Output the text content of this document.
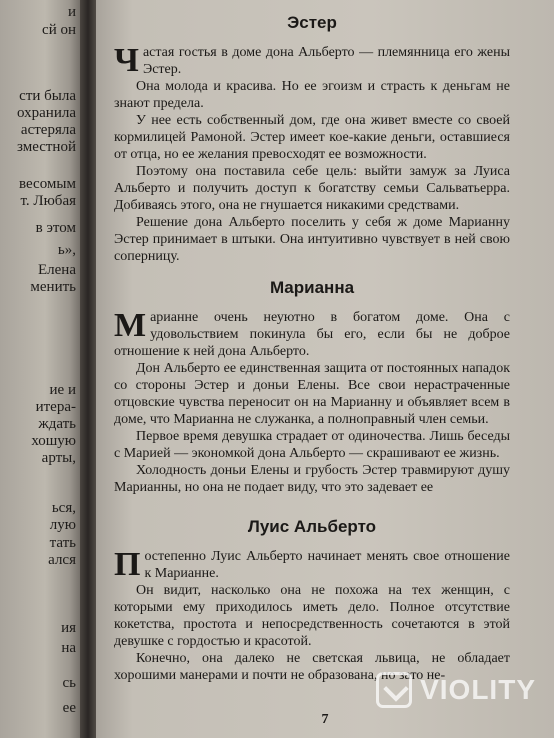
и
сй он
сти была
охранила
астеряла
зместной
весомым
т. Любая
в этом
ь»,
Елена
менить
ие и
итера-
ждать
хошую
арты,
ься,
лую
тать
ался
ия
на
сь
ее
Эстер

Частая гостья в доме дона Альберто — племянница его жены Эстер.

Она молода и красива. Но ее эгоизм и страсть к деньгам не знают предела.

У нее есть собственный дом, где она живет вместе со своей кормилицей Рамоной. Эстер имеет кое-какие деньги, оставшиеся от отца, но ее желания превосходят ее возможности.

Поэтому она поставила себе цель: выйти замуж за Луиса Альберто и получить доступ к богатству семьи Сальватьерра. Добиваясь этого, она не гнушается никакими средствами.

Решение дона Альберто поселить у себя ж доме Марианну Эстер принимает в штыки. Она интуитивно чувствует в ней свою соперницу.

Марианна

Марианне очень неуютно в богатом доме. Она с удовольствием покинула бы его, если бы не доброе отношение к ней дона Альберто.

Дон Альберто ее единственная защита от постоянных нападок со стороны Эстер и доньи Елены. Все свои нерастраченные отцовские чувства переносит он на Марианну и объявляет всем в доме, что Марианна не служанка, а полноправный член семьи.

Первое время девушка страдает от одиночества. Лишь беседы с Марией — экономкой дона Альберто — скрашивают ее жизнь.

Холодность доньи Елены и грубость Эстер травмируют душу Марианны, но она не подает виду, что это задевает ее

Луис Альберто

Постепенно Луис Альберто начинает менять свое отношение к Марианне.

Он видит, насколько она не похожа на тех женщин, с которыми ему приходилось иметь дело. Полное отсутствие кокетства, простота и непосредственность сочетаются в этой девушке с гордостью и красотой.

Конечно, она далеко не светская львица, не обладает хорошими манерами и почти не образована, но зато не-

7
VIOLITY
